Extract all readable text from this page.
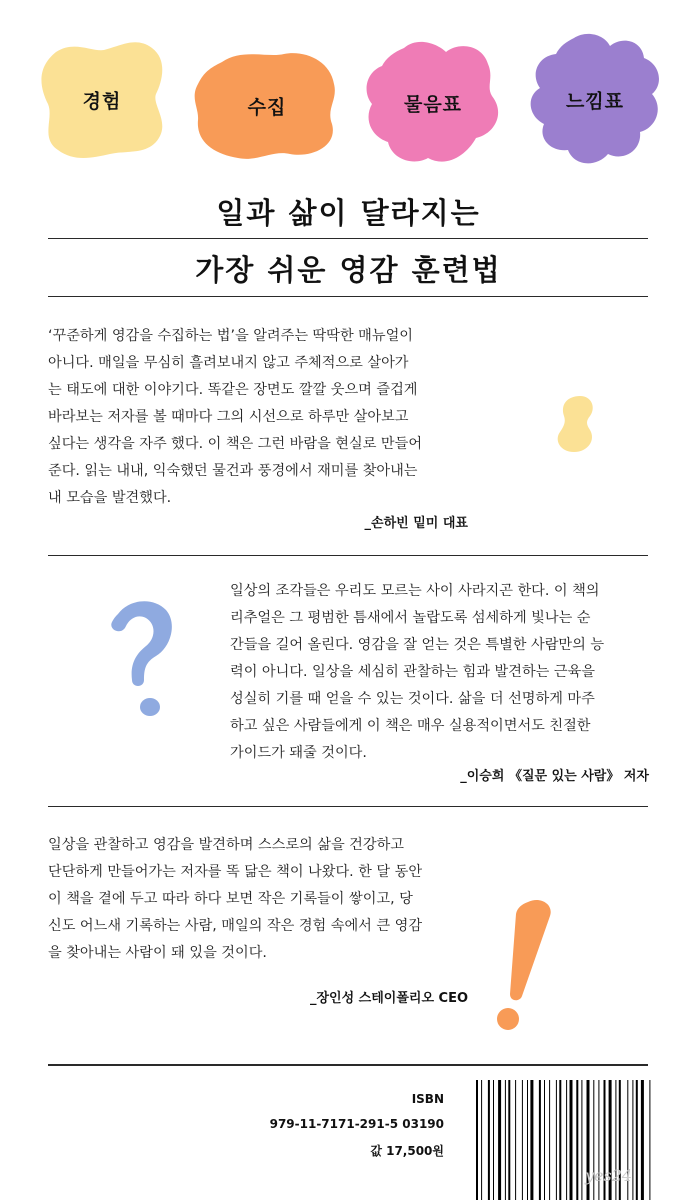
경험	수집	물음표	느낌표
일과 삶이 달라지는
가장 쉬운 영감 훈련법
‘꾸준하게 영감을 수집하는 법’을 알려주는 딱딱한 매뉴얼이
아니다. 매일을 무심히 흘려보내지 않고 주체적으로 살아가
는 태도에 대한 이야기다. 똑같은 장면도 깔깔 웃으며 즐겁게
바라보는 저자를 볼 때마다 그의 시선으로 하루만 살아보고
싶다는 생각을 자주 했다. 이 책은 그런 바람을 현실로 만들어
준다. 읽는 내내, 익숙했던 물건과 풍경에서 재미를 찾아내는
내 모습을 발견했다.
_손하빈 밑미 대표
일상의 조각들은 우리도 모르는 사이 사라지곤 한다. 이 책의
리추얼은 그 평범한 틈새에서 놀랍도록 섬세하게 빛나는 순
간들을 길어 올린다. 영감을 잘 얻는 것은 특별한 사람만의 능
력이 아니다. 일상을 세심히 관찰하는 힘과 발견하는 근육을
성실히 기를 때 얻을 수 있는 것이다. 삶을 더 선명하게 마주
하고 싶은 사람들에게 이 책은 매우 실용적이면서도 친절한
가이드가 돼줄 것이다.
_이승희 《질문 있는 사람》 저자
일상을 관찰하고 영감을 발견하며 스스로의 삶을 건강하고
단단하게 만들어가는 저자를 똑 닮은 책이 나왔다. 한 달 동안
이 책을 곁에 두고 따라 하다 보면 작은 기록들이 쌓이고, 당
신도 어느새 기록하는 사람, 매일의 작은 경험 속에서 큰 영감
을 찾아내는 사람이 돼 있을 것이다.
_장인성 스테이폴리오 CEO
ISBN
979-11-7171-291-5 03190
값 17,500원
yes24
